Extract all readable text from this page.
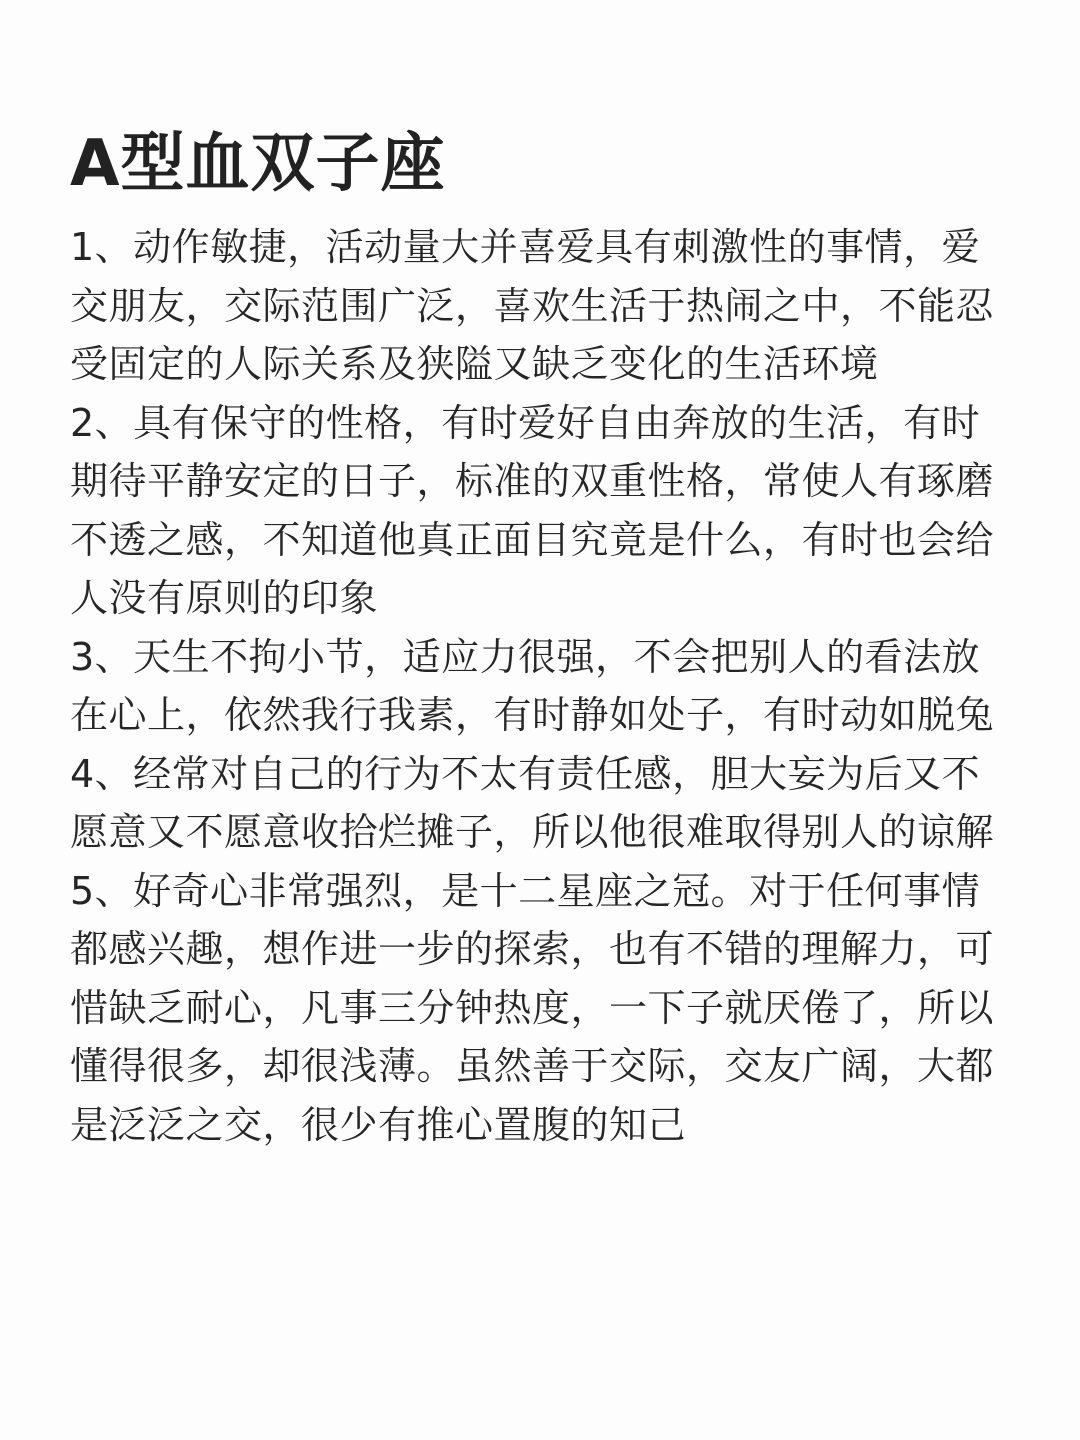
A型血双子座
1、动作敏捷，活动量大并喜爱具有刺激性的事情，爱交朋友，交际范围广泛，喜欢生活于热闹之中，不能忍受固定的人际关系及狭隘又缺乏变化的生活环境
2、具有保守的性格，有时爱好自由奔放的生活，有时期待平静安定的日子，标准的双重性格，常使人有琢磨不透之感，不知道他真正面目究竟是什么，有时也会给人没有原则的印象
3、天生不拘小节，适应力很强，不会把别人的看法放在心上，依然我行我素，有时静如处子，有时动如脱兔
4、经常对自己的行为不太有责任感，胆大妄为后又不愿意又不愿意收拾烂摊子，所以他很难取得别人的谅解
5、好奇心非常强烈，是十二星座之冠。对于任何事情都感兴趣，想作进一步的探索，也有不错的理解力，可惜缺乏耐心，凡事三分钟热度，一下子就厌倦了，所以懂得很多，却很浅薄。虽然善于交际，交友广阔，大都是泛泛之交，很少有推心置腹的知己
